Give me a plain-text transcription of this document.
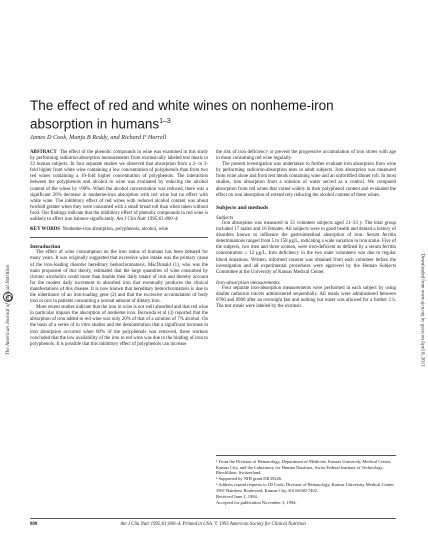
The effect of red and white wines on nonheme-iron absorption in humans$^{1-3}$
James D Cook, Manju B Reddy, and Richard F Hurrell

ABSTRACT The effect of the phenolic compounds in wine was examined in this study by performing radioiron-absorption measurements from extrinsically labeled test meals in 33 human subjects. In four separate studies we observed that absorption from a 2- to 3-fold higher from white wine containing a low concentration of polyphenols than from two red wines containing a 10-fold higher concentration of polyphenols. The interaction between the polyphenols and alcohol in wine was evaluated by reducing the alcohol content of the wines by ≈90%. When the alcohol concentration was reduced, there was a significant 20% decrease in nonheme-iron absorption with red wine but no effect with white wine. The inhibitory effect of red wines with reduced alcohol content was about twofold greater when they were consumed with a small bread roll than when taken without food. Our findings indicate that the inhibitory effect of phenolic compounds in red wine is unlikely to affect iron balance significantly. Am J Clin Nutr 1995;61:800–4.

KEY WORDS Nonheme-iron absorption, polyphenols, alcohol, wine

Introduction

The effect of wine consumption on the iron status of humans has been debated for many years. It was originally suggested that excessive wine intake was the primary cause of the iron-loading disorder hereditary hemochromatosis. MacDonald (1), who was the main proponent of this theory, estimated that the large quantities of wine consumed by chronic alcoholics could more than double their daily intake of iron and thereby account for the modest daily increment in absorbed iron that eventually produces the clinical manifestations of this disease. It is now known that hereditary hemochromatosis is due to the inheritance of an iron-loading gene (2) and that the excessive accumulation of body iron occurs in patients consuming a normal amount of dietary iron.

More recent studies indicate that the iron in wine is not well absorbed and that red wine in particular impairs the absorption of nonheme iron. Bezwoda et al (3) reported that the absorption of iron added to red wine was only 20% of that of a solution of 7% alcohol. On the basis of a series of in vitro studies and the demonstration that a significant increase in iron absorption occurred when 80% of the polyphenols was removed, these workers concluded that the low availability of the iron in red wine was due to the binding of iron to polyphenols. It is possible that this inhibitory effect of polyphenols can increase

the risk of iron deficiency or prevent the progressive accumulation of iron stores with age in those consuming red wine regularly.

The present investigation was undertaken to further evaluate iron absorption from wine by performing radioiron-absorption tests in adult subjects. Iron absorption was measured from wine alone and from test meals containing wine and an unfortified dinner roll. In most studies, iron absorption from a solution of water served as a control. We compared absorption from red wines that varied widely in their polyphenol content and evaluated the effect on iron absorption of extensively reducing the alcohol content of these wines.

Subjects and methods

Subjects

Iron absorption was measured in 33 volunteer subjects aged 21–33 y. The total group included 17 males and 16 females. All subjects were in good health and denied a history of disorders known to influence the gastrointestinal absorption of iron. Serum ferritin determinations ranged from 5 to 158 μg/L, indicating a wide variation in iron status. Five of the subjects, two men and three women, were iron-deficient as defined by a serum ferritin concentration ≤ 12 μg/L. Iron deficiency in the two male volunteers was due to regular blood donations. Written, informed consent was obtained from each volunteer before the investigation and all experimental procedures were approved by the Human Subjects Committee at the University of Kansas Medical Center.

Iron-absorption measurements

Four separate iron-absorption measurements were performed in each subject by using double radioiron tracers administered sequentially. All meals were administered between 0700 and 0900 after an overnight fast and nothing but water was allowed for a further 3 h. The test meals were labeled by the extrinsic

¹ From the Division of Hematology, Department of Medicine, Kansas University Medical Center, Kansas City, and the Laboratory for Human Nutrition, Swiss Federal Institute of Technology, Rüschlikon, Switzerland.

² Supported by NIH grant DK39246.

³ Address reprint requests to JD Cook, Division of Hematology, Kansas University Medical Center, 3901 Rainbow Boulevard, Kansas City, KS 66160-7402.

Received June 2, 1994.

Accepted for publication November 3, 1994.

The American Journal of Clinical Nutrition	Downloaded from www.ajcn.org by guest on April 8, 2013
800	Am J Clin Nutr 1995;61:800–4. Printed in USA. © 1995 American Society for Clinical Nutrition
